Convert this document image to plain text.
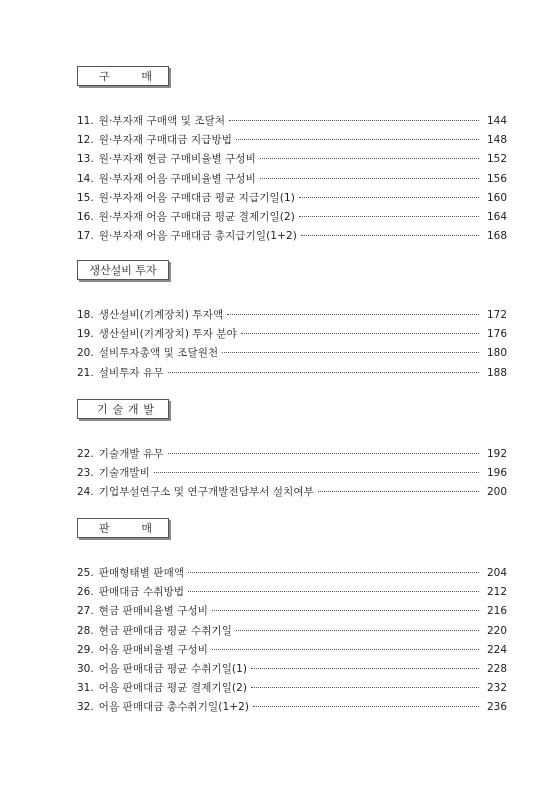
구	매
11. 원·부자재 구매액 및 조달처	144
12. 원·부자재 구매대금 지급방법	148
13. 원·부자재 현금 구매비율별 구성비	152
14. 원·부자재 어음 구매비율별 구성비	156
15. 원·부자재 어음 구매대금 평균 지급기일(1)	160
16. 원·부자재 어음 구매대금 평균 결제기일(2)	164
17. 원·부자재 어음 구매대금 총지급기일(1+2)	168
생산설비 투자
18. 생산설비(기계장치) 투자액	172
19. 생산설비(기계장치) 투자 분야	176
20. 설비투자총액 및 조달원천	180
21. 설비투자 유무	188
기 술 개 발
22. 기술개발 유무	192
23. 기술개발비	196
24. 기업부설연구소 및 연구개발전담부서 설치여부	200
판	매
25. 판매형태별 판매액	204
26. 판매대금 수취방법	212
27. 현금 판매비율별 구성비	216
28. 현금 판매대금 평균 수취기일	220
29. 어음 판매비율별 구성비	224
30. 어음 판매대금 평균 수취기일(1)	228
31. 어음 판매대금 평균 결제기일(2)	232
32. 어음 판매대금 총수취기일(1+2)	236
